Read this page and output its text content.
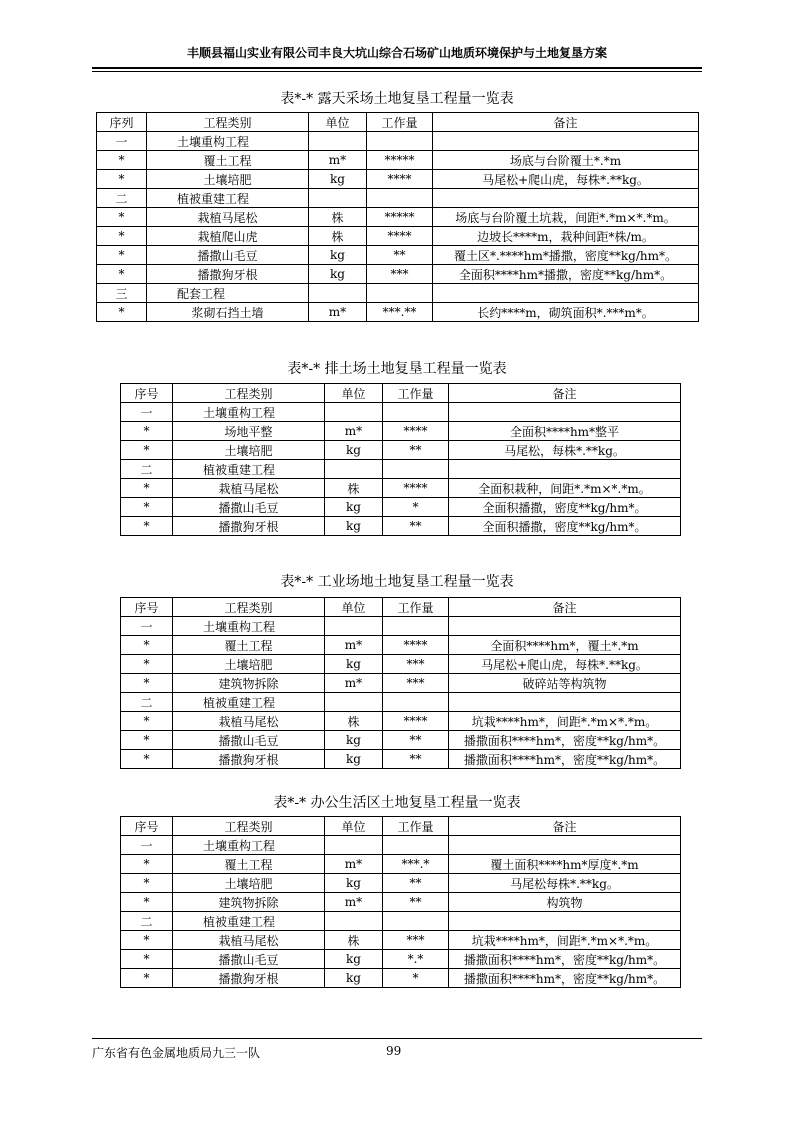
丰顺县福山实业有限公司丰良大坑山综合石场矿山地质环境保护与土地复垦方案
表*-* 露天采场土地复垦工程量一览表
序列	工程类别	单位	工作量	备注
一	土壤重构工程			
*	覆土工程	m*	*****	场底与台阶覆土*.*m
*	土壤培肥	kg	****	马尾松+爬山虎，每株*.**kg。
二	植被重建工程			
*	栽植马尾松	株	*****	场底与台阶覆土坑栽，间距*.*m×*.*m。
*	栽植爬山虎	株	****	边坡长****m，栽种间距*株/m。
*	播撒山毛豆	kg	**	覆土区*.****hm*播撒，密度**kg/hm*。
*	播撒狗牙根	kg	***	全面积****hm*播撒，密度**kg/hm*。
三	配套工程			
*	浆砌石挡土墙	m*	***.**	长约****m，砌筑面积*.***m*。
表*-* 排土场土地复垦工程量一览表
序号	工程类别	单位	工作量	备注
一	土壤重构工程			
*	场地平整	m*	****	全面积****hm*整平
*	土壤培肥	kg	**	马尾松，每株*.**kg。
二	植被重建工程			
*	栽植马尾松	株	****	全面积栽种，间距*.*m×*.*m。
*	播撒山毛豆	kg	*	全面积播撒，密度**kg/hm*。
*	播撒狗牙根	kg	**	全面积播撒，密度**kg/hm*。
表*-* 工业场地土地复垦工程量一览表
序号	工程类别	单位	工作量	备注
一	土壤重构工程			
*	覆土工程	m*	****	全面积****hm*，覆土*.*m
*	土壤培肥	kg	***	马尾松+爬山虎，每株*.**kg。
*	建筑物拆除	m*	***	破碎站等构筑物
二	植被重建工程			
*	栽植马尾松	株	****	坑栽****hm*，间距*.*m×*.*m。
*	播撒山毛豆	kg	**	播撒面积****hm*，密度**kg/hm*。
*	播撒狗牙根	kg	**	播撒面积****hm*，密度**kg/hm*。
表*-* 办公生活区土地复垦工程量一览表
序号	工程类别	单位	工作量	备注
一	土壤重构工程			
*	覆土工程	m*	***.*	覆土面积****hm*厚度*.*m
*	土壤培肥	kg	**	马尾松每株*.**kg。
*	建筑物拆除	m*	**	构筑物
二	植被重建工程			
*	栽植马尾松	株	***	坑栽****hm*，间距*.*m×*.*m。
*	播撒山毛豆	kg	*.*	播撒面积****hm*，密度**kg/hm*。
*	播撒狗牙根	kg	*	播撒面积****hm*，密度**kg/hm*。
广东省有色金属地质局九三一队	99
